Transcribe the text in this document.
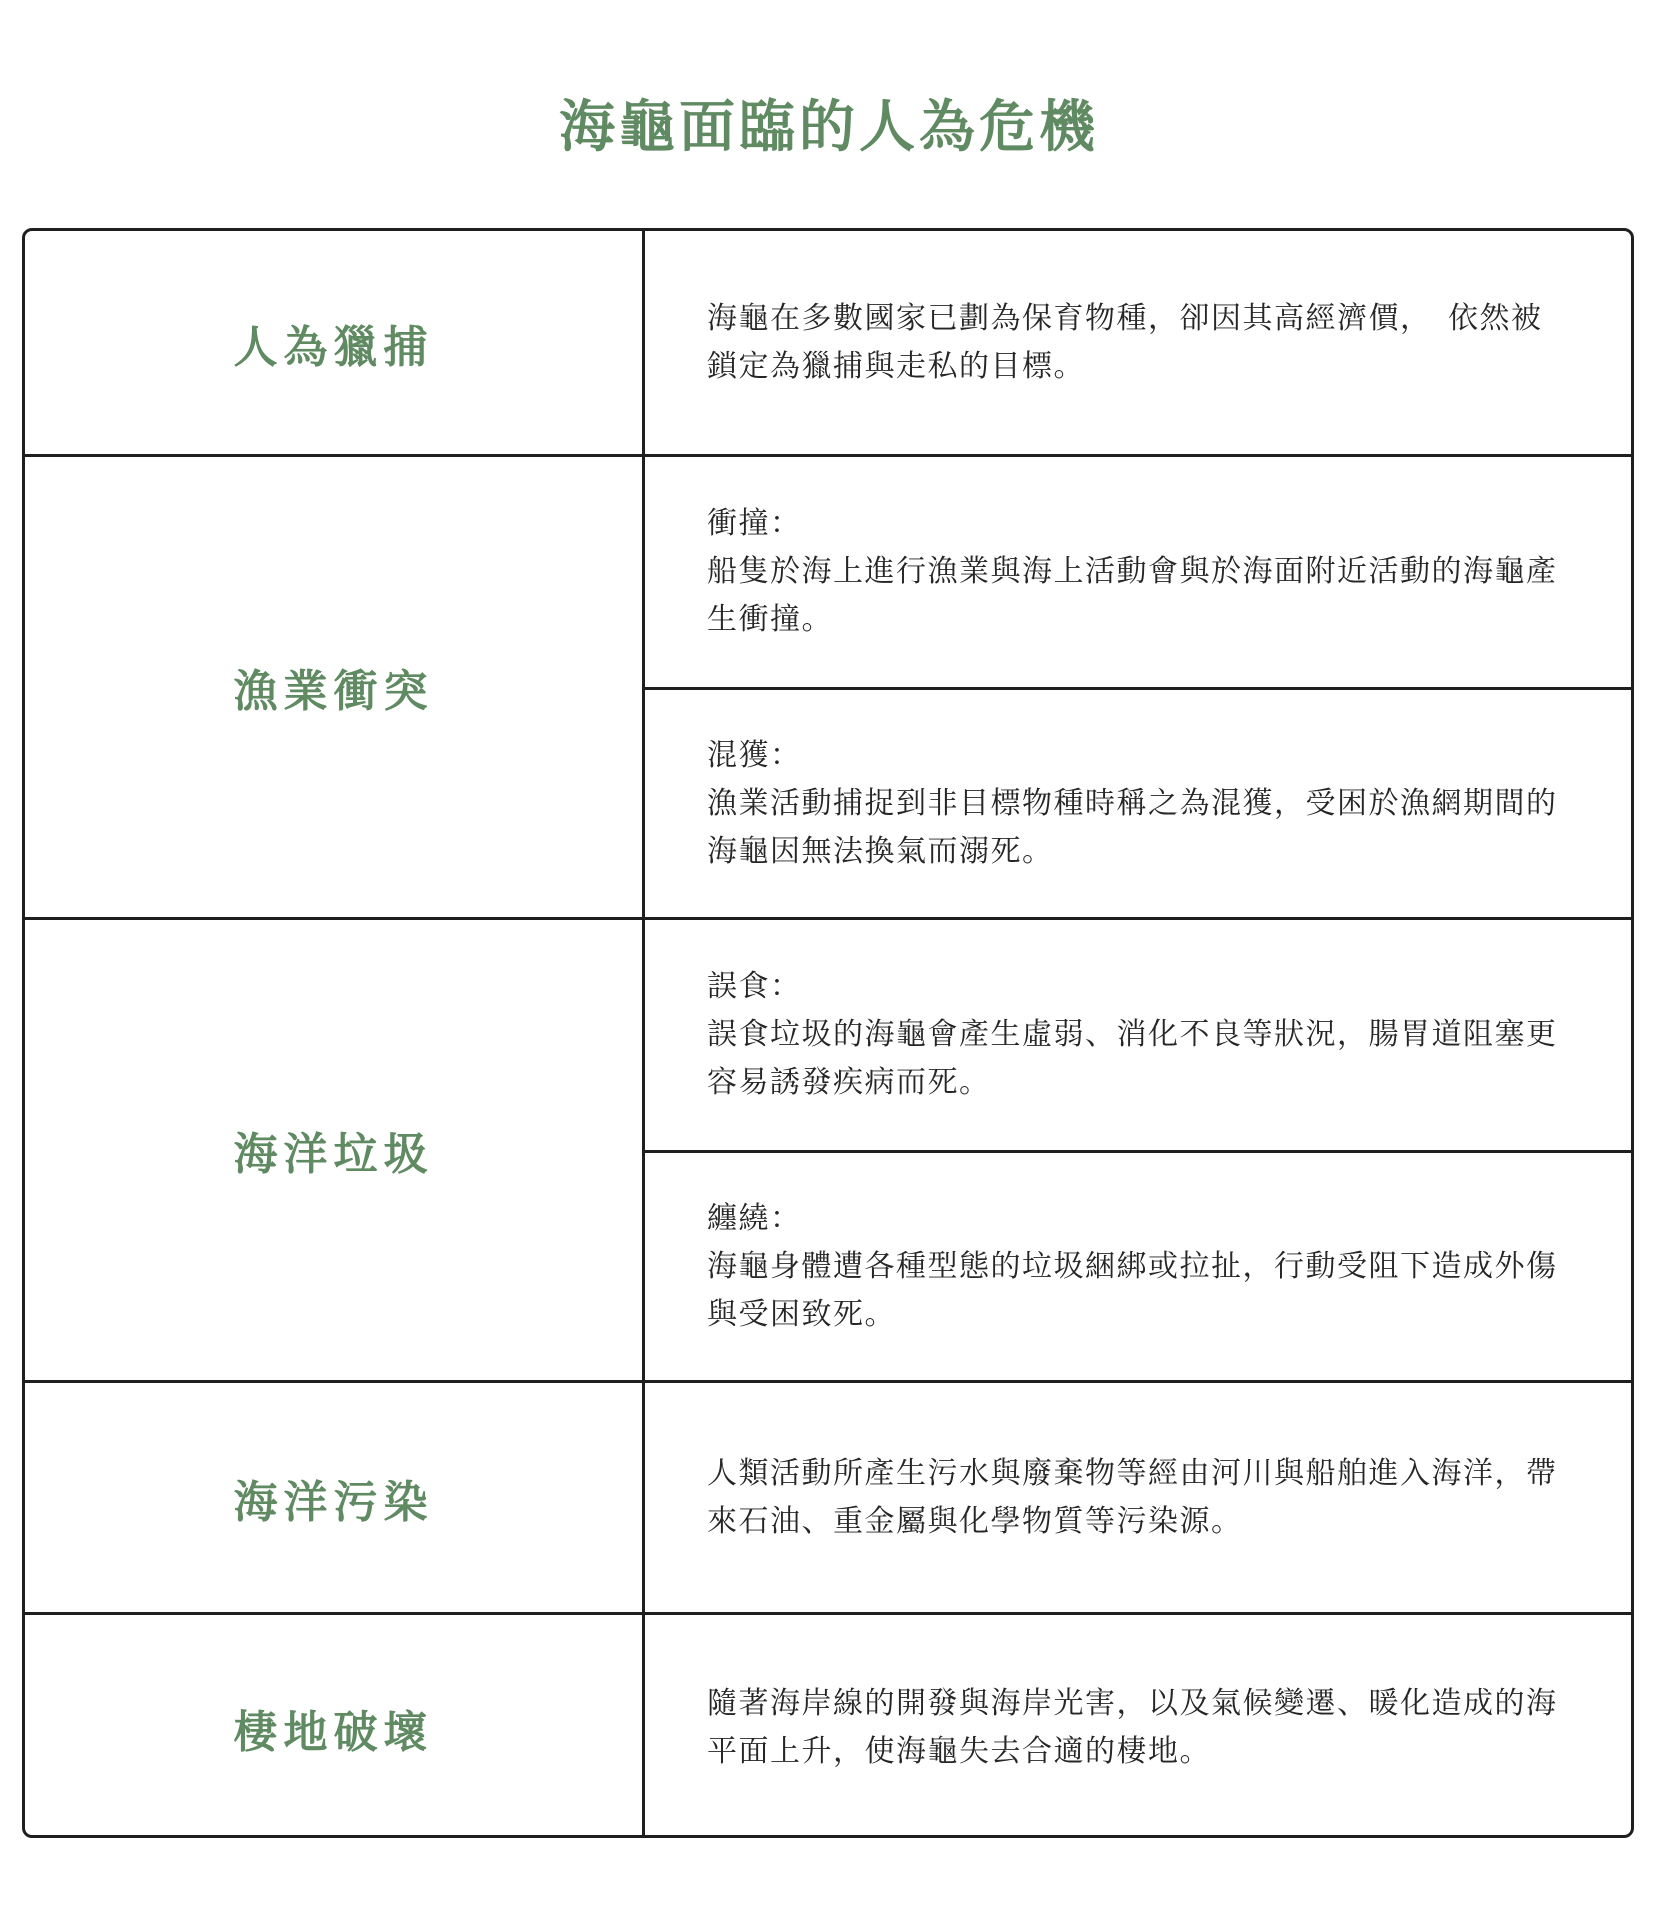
海龜面臨的人為危機
人為獵捕
海龜在多數國家已劃為保育物種，卻因其高經濟價，　依然被鎖定為獵捕與走私的目標。
漁業衝突
衝撞：
船隻於海上進行漁業與海上活動會與於海面附近活動的海龜產生衝撞。
混獲：
漁業活動捕捉到非目標物種時稱之為混獲，受困於漁網期間的海龜因無法換氣而溺死。
海洋垃圾
誤食：
誤食垃圾的海龜會產生虛弱、消化不良等狀況，腸胃道阻塞更容易誘發疾病而死。
纏繞：
海龜身體遭各種型態的垃圾綑綁或拉扯，行動受阻下造成外傷與受困致死。
海洋污染
人類活動所產生污水與廢棄物等經由河川與船舶進入海洋，帶來石油、重金屬與化學物質等污染源。
棲地破壞
隨著海岸線的開發與海岸光害，以及氣候變遷、暖化造成的海平面上升，使海龜失去合適的棲地。
